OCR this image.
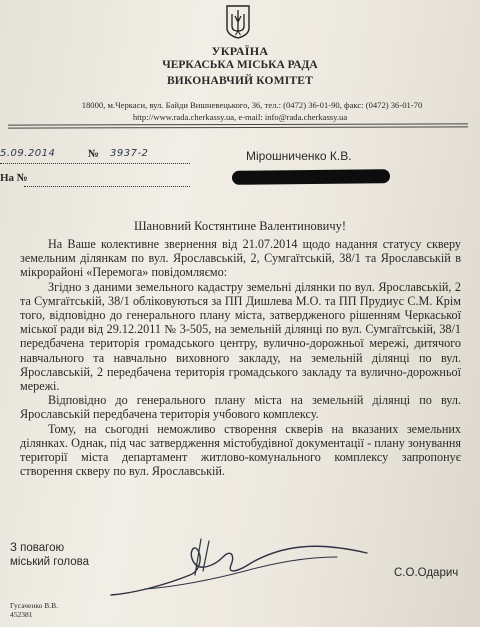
УКРАЇНА
ЧЕРКАСЬКА МІСЬКА РАДА
ВИКОНАВЧИЙ КОМІТЕТ
18000, м.Черкаси, вул. Байди Вишневецького, 36, тел.: (0472) 36-01-90, факс: (0472) 36-01-70
http://www.rada.cherkassy.ua, e-mail: info@rada.cherkassy.ua
5.09.2014	№ 3937-2
На №
Мірошниченко К.В.
Шановний Костянтине Валентиновичу!

На Ваше колективне звернення від 21.07.2014 щодо надання статусу скверу земельним ділянкам по вул. Ярославській, 2, Сумгаїтській, 38/1 та Ярославській в мікрорайоні «Перемога» повідомляємо:

Згідно з даними земельного кадастру земельні ділянки по вул. Ярославській, 2 та Сумгаїтській, 38/1 обліковуються за ПП Дишлева М.О. та ПП Прудиус С.М. Крім того, відповідно до генерального плану міста, затвердженого рішенням Черкаської міської ради від 29.12.2011 № 3-505, на земельній ділянці по вул. Сумгаїтській, 38/1 передбачена територія громадського центру, вулично-дорожньої мережі, дитячого навчального та навчально виховного закладу, на земельній ділянці по вул. Ярославській, 2 передбачена територія громадського закладу та вулично-дорожньої мережі.

Відповідно до генерального плану міста на земельній ділянці по вул. Ярославській передбачена територія учбового комплексу.

Тому, на сьогодні неможливо створення скверів на вказаних земельних ділянках. Однак, під час затвердження містобудівної документації - плану зонування території міста департамент житлово-комунального комплексу запропонує створення скверу по вул. Ярославській.

З повагою
міський голова
С.О.Одарич
Гусаченко В.В.
452381
